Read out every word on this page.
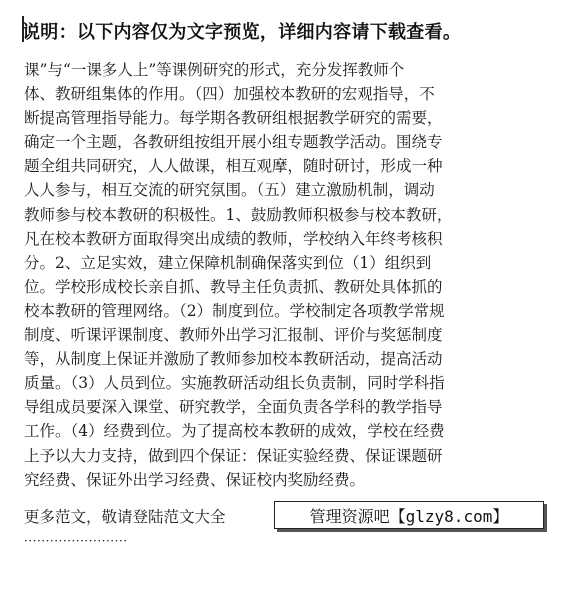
说明：以下内容仅为文字预览，详细内容请下载查看。
课”与“一课多人上”等课例研究的形式，充分发挥教师个
体、教研组集体的作用。（四）加强校本教研的宏观指导，不
断提高管理指导能力。每学期各教研组根据教学研究的需要，
确定一个主题，各教研组按组开展小组专题教学活动。围绕专
题全组共同研究，人人做课，相互观摩，随时研讨，形成一种
人人参与，相互交流的研究氛围。（五）建立激励机制，调动
教师参与校本教研的积极性。1、鼓励教师积极参与校本教研，
凡在校本教研方面取得突出成绩的教师，学校纳入年终考核积
分。2、立足实效，建立保障机制确保落实到位（1）组织到
位。学校形成校长亲自抓、教导主任负责抓、教研处具体抓的
校本教研的管理网络。（2）制度到位。学校制定各项教学常规
制度、听课评课制度、教师外出学习汇报制、评价与奖惩制度
等，从制度上保证并激励了教师参加校本教研活动，提高活动
质量。（3）人员到位。实施教研活动组长负责制，同时学科指
导组成员要深入课堂、研究教学，全面负责各学科的教学指导
工作。（4）经费到位。为了提高校本教研的成效，学校在经费
上予以大力支持，做到四个保证：保证实验经费、保证课题研
究经费、保证外出学习经费、保证校内奖励经费。
更多范文，敬请登陆范文大全
························
管理资源吧【glzy8.com】
